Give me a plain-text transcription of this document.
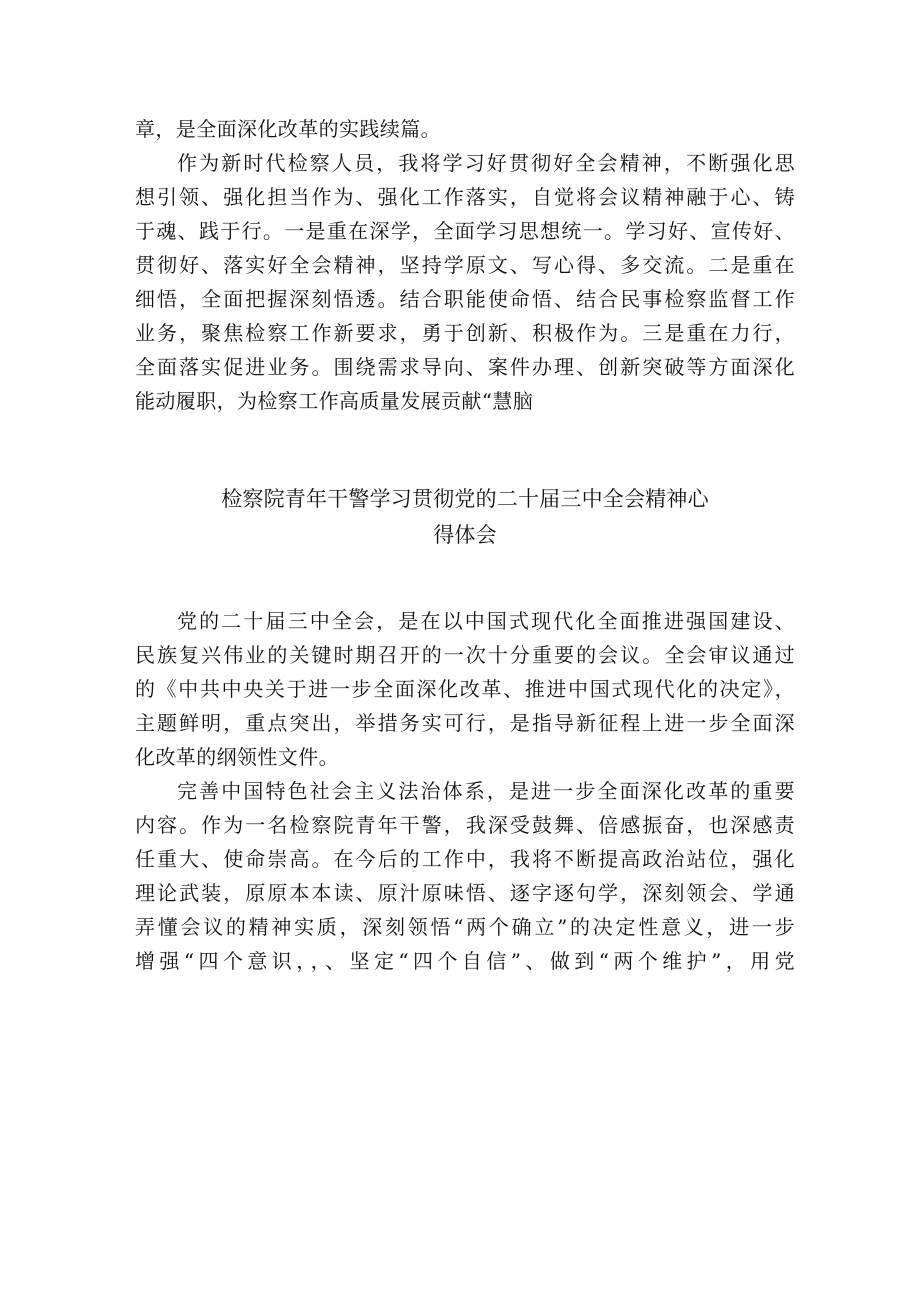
章，是全面深化改革的实践续篇。
作为新时代检察人员，我将学习好贯彻好全会精神，不断强化思
想引领、强化担当作为、强化工作落实，自觉将会议精神融于心、铸
于魂、践于行。一是重在深学，全面学习思想统一。学习好、宣传好、
贯彻好、落实好全会精神，坚持学原文、写心得、多交流。二是重在
细悟，全面把握深刻悟透。结合职能使命悟、结合民事检察监督工作
业务，聚焦检察工作新要求，勇于创新、积极作为。三是重在力行，
全面落实促进业务。围绕需求导向、案件办理、创新突破等方面深化
能动履职，为检察工作高质量发展贡献“慧脑
检察院青年干警学习贯彻党的二十届三中全会精神心
得体会
党的二十届三中全会，是在以中国式现代化全面推进强国建设、
民族复兴伟业的关键时期召开的一次十分重要的会议。全会审议通过
的《中共中央关于进一步全面深化改革、推进中国式现代化的决定》，
主题鲜明，重点突出，举措务实可行，是指导新征程上进一步全面深
化改革的纲领性文件。
完善中国特色社会主义法治体系，是进一步全面深化改革的重要
内容。作为一名检察院青年干警，我深受鼓舞、倍感振奋，也深感责
任重大、使命崇高。在今后的工作中，我将不断提高政治站位，强化
理论武装，原原本本读、原汁原味悟、逐字逐句学，深刻领会、学通
弄懂会议的精神实质，深刻领悟“两个确立”的决定性意义，进一步
增强“四个意识，，、坚定“四个自信”、做到“两个维护”，用党
